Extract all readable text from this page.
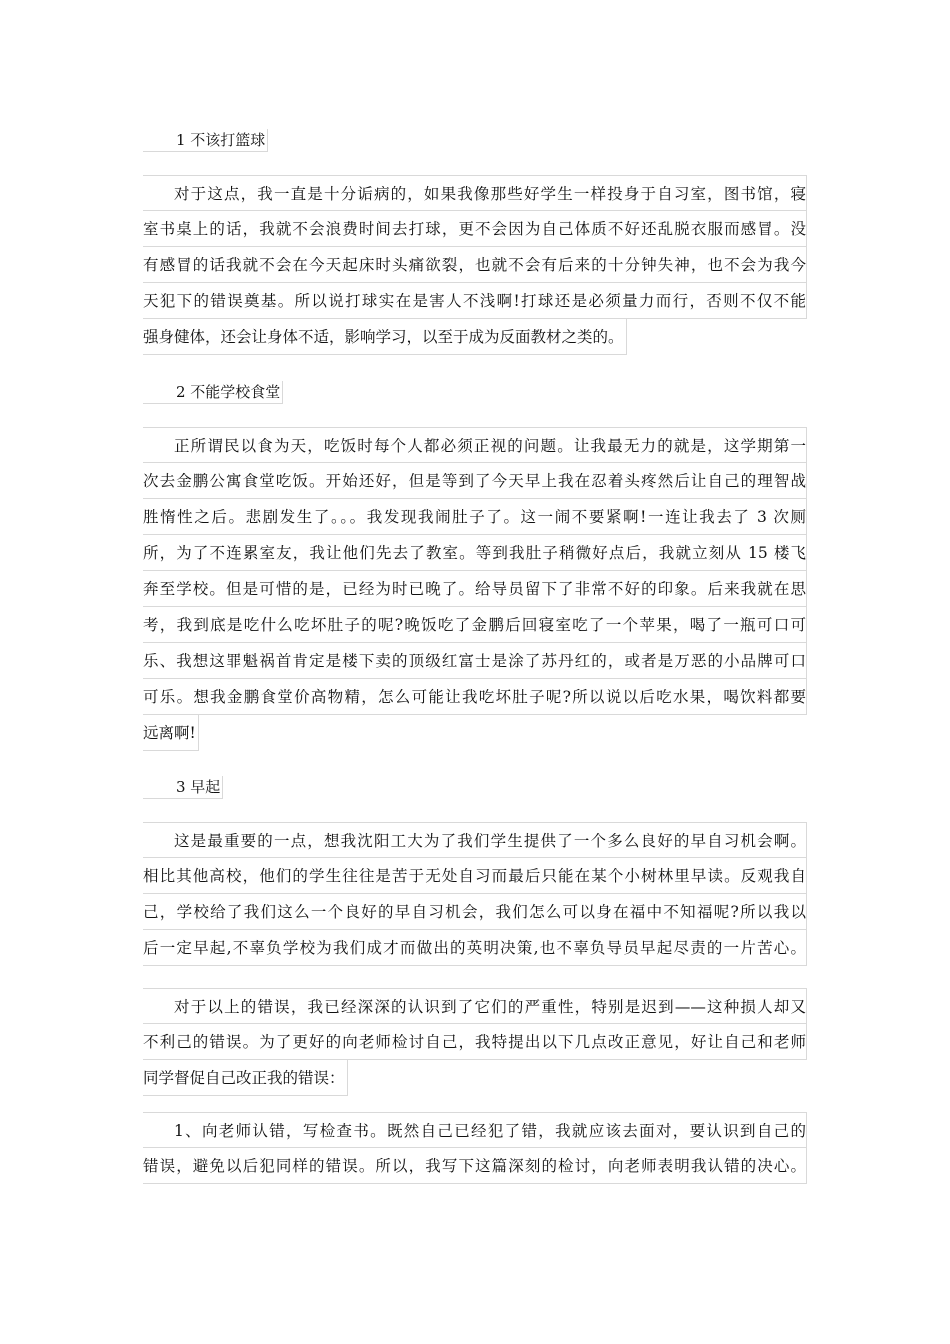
1 不该打篮球
对于这点，我一直是十分诟病的，如果我像那些好学生一样投身于自习室，图书馆，寝
室书桌上的话，我就不会浪费时间去打球，更不会因为自己体质不好还乱脱衣服而感冒。没
有感冒的话我就不会在今天起床时头痛欲裂，也就不会有后来的十分钟失神，也不会为我今
天犯下的错误奠基。所以说打球实在是害人不浅啊!打球还是必须量力而行，否则不仅不能
强身健体，还会让身体不适，影响学习，以至于成为反面教材之类的。
2 不能学校食堂
正所谓民以食为天，吃饭时每个人都必须正视的问题。让我最无力的就是，这学期第一
次去金鹏公寓食堂吃饭。开始还好，但是等到了今天早上我在忍着头疼然后让自己的理智战
胜惰性之后。悲剧发生了。。。我发现我闹肚子了。这一闹不要紧啊!一连让我去了 3 次厕
所，为了不连累室友，我让他们先去了教室。等到我肚子稍微好点后，我就立刻从 15 楼飞
奔至学校。但是可惜的是，已经为时已晚了。给导员留下了非常不好的印象。后来我就在思
考，我到底是吃什么吃坏肚子的呢?晚饭吃了金鹏后回寝室吃了一个苹果，喝了一瓶可口可
乐、我想这罪魁祸首肯定是楼下卖的顶级红富士是涂了苏丹红的，或者是万恶的小品牌可口
可乐。想我金鹏食堂价高物精，怎么可能让我吃坏肚子呢?所以说以后吃水果，喝饮料都要
远离啊!
3 早起
这是最重要的一点，想我沈阳工大为了我们学生提供了一个多么良好的早自习机会啊。
相比其他高校，他们的学生往往是苦于无处自习而最后只能在某个小树林里早读。反观我自
己，学校给了我们这么一个良好的早自习机会，我们怎么可以身在福中不知福呢?所以我以
后一定早起,不辜负学校为我们成才而做出的英明决策,也不辜负导员早起尽责的一片苦心。
对于以上的错误，我已经深深的认识到了它们的严重性，特别是迟到——这种损人却又
不利己的错误。为了更好的向老师检讨自己，我特提出以下几点改正意见，好让自己和老师
同学督促自己改正我的错误：
1、向老师认错，写检查书。既然自己已经犯了错，我就应该去面对，要认识到自己的
错误，避免以后犯同样的错误。所以，我写下这篇深刻的检讨，向老师表明我认错的决心。
